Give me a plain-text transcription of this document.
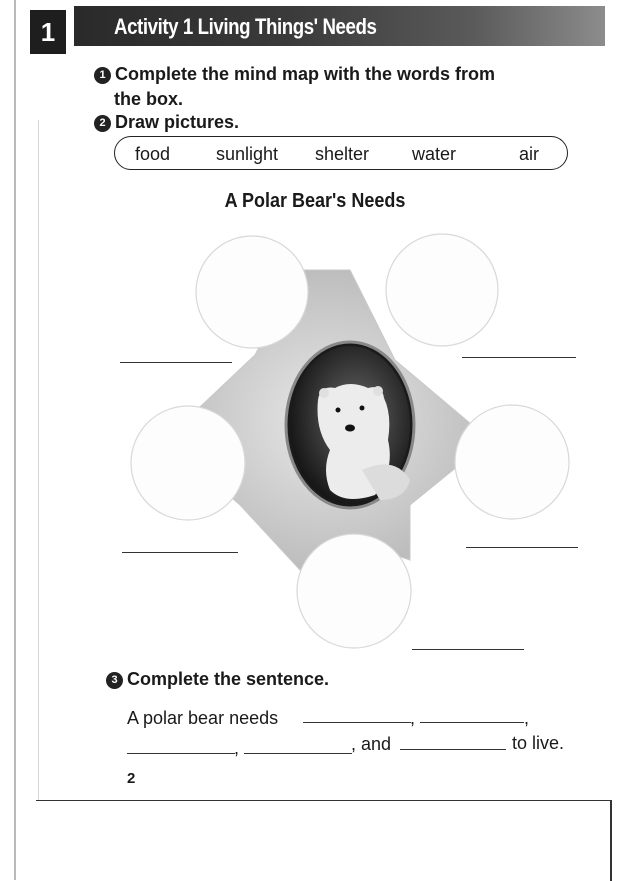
1	Activity 1 Living Things' Needs
1 Complete the mind map with the words from
the box.
2 Draw pictures.
food	sunlight shelter water	air
A Polar Bear's Needs
3 Complete the sentence.
A polar bear needs	,	,
,	, and	to live.
2
